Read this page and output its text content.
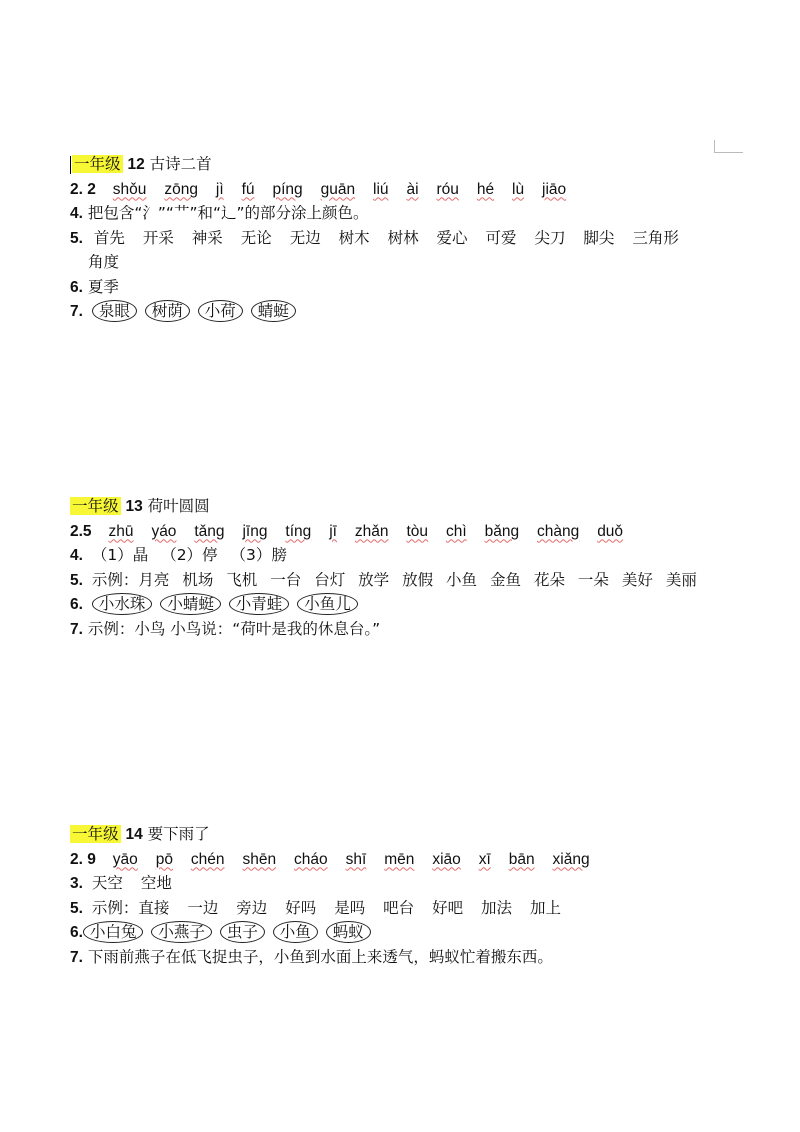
一年级 12 古诗二首
2. 2 shǒu zōng jì fú píng guān liú ài róu hé lù jiāo
4. 把包含“氵”“艹”和“辶”的部分涂上颜色。
5. 首先 开采 神采 无论 无边 树木 树林 爱心 可爱 尖刀 脚尖 三角形
角度
6. 夏季
7. 泉眼 树荫 小荷 蜻蜓
一年级 13 荷叶圆圆
2.5 zhū yáo tǎng jīng tíng jī zhǎn tòu chì bǎng chàng duǒ
4. （1）晶 （2）停 （3）膀
5. 示例：月亮 机场 飞机 一台 台灯 放学 放假 小鱼 金鱼 花朵 一朵 美好 美丽
6. 小水珠 小蜻蜓 小青蛙 小鱼儿
7. 示例：小鸟 小鸟说：“荷叶是我的休息台。”
一年级 14 要下雨了
2. 9 yāo pō chén shēn cháo shī mēn xiāo xī bān xiǎng
3. 天空 空地
5. 示例：直接 一边 旁边 好吗 是吗 吧台 好吧 加法 加上
6. 小白兔 小燕子 虫子 小鱼 蚂蚁
7. 下雨前燕子在低飞捉虫子，小鱼到水面上来透气，蚂蚁忙着搬东西。
